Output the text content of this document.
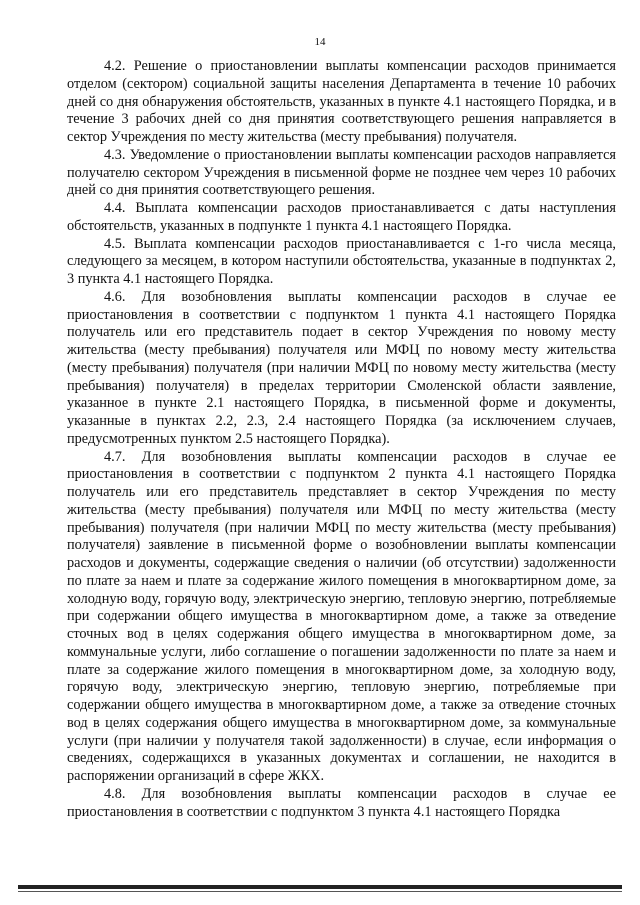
14

4.2. Решение о приостановлении выплаты компенсации расходов принимается отделом (сектором) социальной защиты населения Департамента в течение 10 рабочих дней со дня обнаружения обстоятельств, указанных в пункте 4.1 настоящего Порядка, и в течение 3 рабочих дней со дня принятия соответствующего решения направляется в сектор Учреждения по месту жительства (месту пребывания) получателя.

4.3. Уведомление о приостановлении выплаты компенсации расходов направляется получателю сектором Учреждения в письменной форме не позднее чем через 10 рабочих дней со дня принятия соответствующего решения.

4.4. Выплата компенсации расходов приостанавливается с даты наступления обстоятельств, указанных в подпункте 1 пункта 4.1 настоящего Порядка.

4.5. Выплата компенсации расходов приостанавливается с 1-го числа месяца, следующего за месяцем, в котором наступили обстоятельства, указанные в подпунктах 2, 3 пункта 4.1 настоящего Порядка.

4.6. Для возобновления выплаты компенсации расходов в случае ее приостановления в соответствии с подпунктом 1 пункта 4.1 настоящего Порядка получатель или его представитель подает в сектор Учреждения по новому месту жительства (месту пребывания) получателя или МФЦ по новому месту жительства (месту пребывания) получателя (при наличии МФЦ по новому месту жительства (месту пребывания) получателя) в пределах территории Смоленской области заявление, указанное в пункте 2.1 настоящего Порядка, в письменной форме и документы, указанные в пунктах 2.2, 2.3, 2.4 настоящего Порядка (за исключением случаев, предусмотренных пунктом 2.5 настоящего Порядка).

4.7. Для возобновления выплаты компенсации расходов в случае ее приостановления в соответствии с подпунктом 2 пункта 4.1 настоящего Порядка получатель или его представитель представляет в сектор Учреждения по месту жительства (месту пребывания) получателя или МФЦ по месту жительства (месту пребывания) получателя (при наличии МФЦ по месту жительства (месту пребывания) получателя) заявление в письменной форме о возобновлении выплаты компенсации расходов и документы, содержащие сведения о наличии (об отсутствии) задолженности по плате за наем и плате за содержание жилого помещения в многоквартирном доме, за холодную воду, горячую воду, электрическую энергию, тепловую энергию, потребляемые при содержании общего имущества в многоквартирном доме, а также за отведение сточных вод в целях содержания общего имущества в многоквартирном доме, за коммунальные услуги, либо соглашение о погашении задолженности по плате за наем и плате за содержание жилого помещения в многоквартирном доме, за холодную воду, горячую воду, электрическую энергию, тепловую энергию, потребляемые при содержании общего имущества в многоквартирном доме, а также за отведение сточных вод в целях содержания общего имущества в многоквартирном доме, за коммунальные услуги (при наличии у получателя такой задолженности) в случае, если информация о сведениях, содержащихся в указанных документах и соглашении, не находится в распоряжении организаций в сфере ЖКХ.

4.8. Для возобновления выплаты компенсации расходов в случае ее приостановления в соответствии с подпунктом 3 пункта 4.1 настоящего Порядка
